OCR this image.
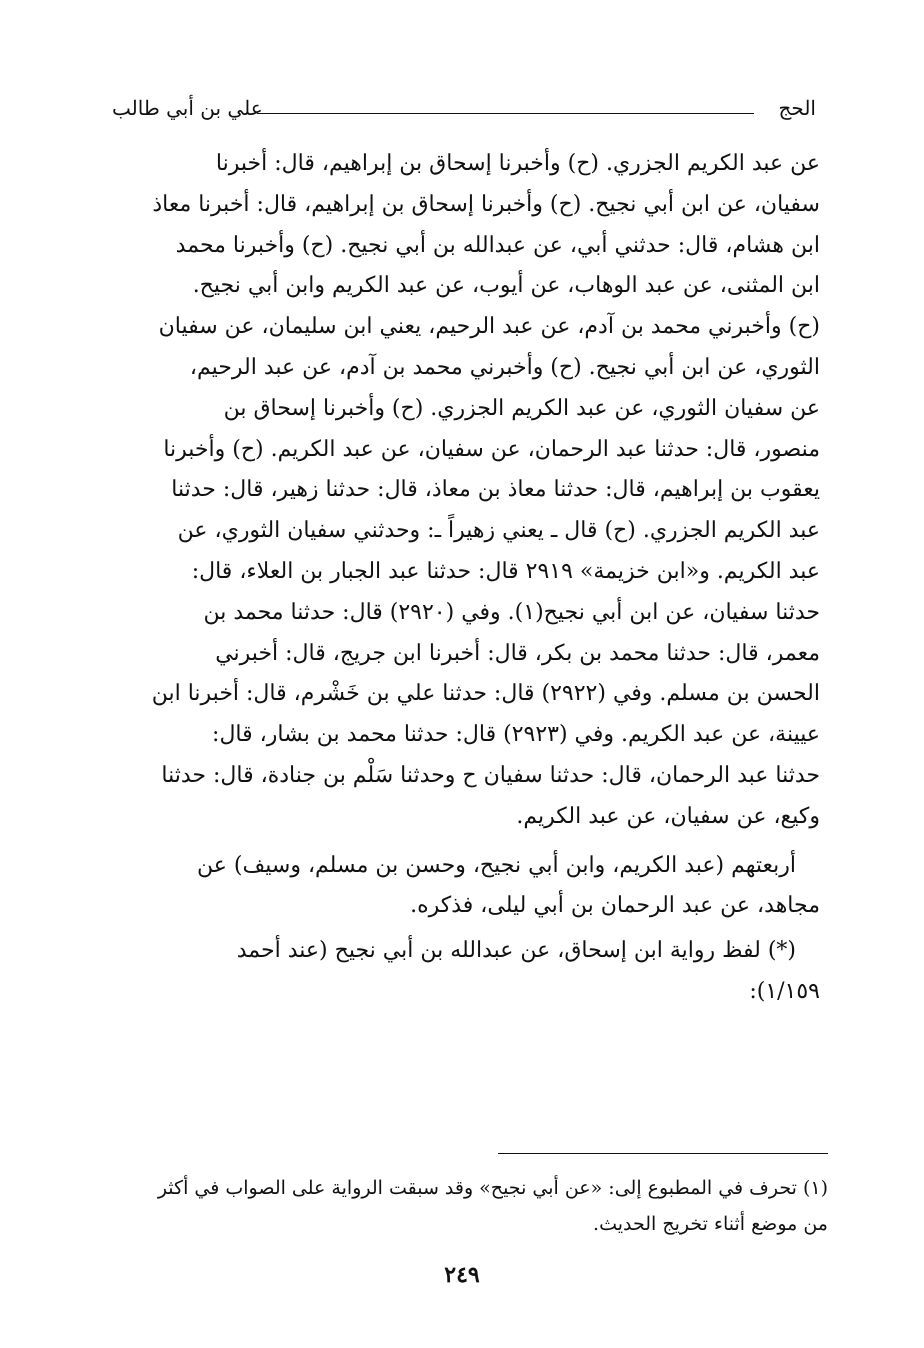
الحج
علي بن أبي طالب

عن عبد الكريم الجزري. (ح) وأخبرنا إسحاق بن إبراهيم، قال: أخبرنا

سفيان، عن ابن أبي نجيح. (ح) وأخبرنا إسحاق بن إبراهيم، قال: أخبرنا معاذ

ابن هشام، قال: حدثني أبي، عن عبدالله بن أبي نجيح. (ح) وأخبرنا محمد

ابن المثنى، عن عبد الوهاب، عن أيوب، عن عبد الكريم وابن أبي نجيح.

(ح) وأخبرني محمد بن آدم، عن عبد الرحيم، يعني ابن سليمان، عن سفيان

الثوري، عن ابن أبي نجيح. (ح) وأخبرني محمد بن آدم، عن عبد الرحيم،

عن سفيان الثوري، عن عبد الكريم الجزري. (ح) وأخبرنا إسحاق بن

منصور، قال: حدثنا عبد الرحمان، عن سفيان، عن عبد الكريم. (ح) وأخبرنا

يعقوب بن إبراهيم، قال: حدثنا معاذ بن معاذ، قال: حدثنا زهير، قال: حدثنا

عبد الكريم الجزري. (ح) قال ـ يعني زهيراً ـ: وحدثني سفيان الثوري، عن

عبد الكريم. و«ابن خزيمة» ٢٩١٩ قال: حدثنا عبد الجبار بن العلاء، قال:

حدثنا سفيان، عن ابن أبي نجيح(١). وفي (٢٩٢٠) قال: حدثنا محمد بن

معمر، قال: حدثنا محمد بن بكر، قال: أخبرنا ابن جريج، قال: أخبرني

الحسن بن مسلم. وفي (٢٩٢٢) قال: حدثنا علي بن خَشْرم، قال: أخبرنا ابن

عيينة، عن عبد الكريم. وفي (٢٩٢٣) قال: حدثنا محمد بن بشار، قال:

حدثنا عبد الرحمان، قال: حدثنا سفيان ح وحدثنا سَلْم بن جنادة، قال: حدثنا

وكيع، عن سفيان، عن عبد الكريم.

أربعتهم (عبد الكريم، وابن أبي نجيح، وحسن بن مسلم، وسيف) عن

مجاهد، عن عبد الرحمان بن أبي ليلى، فذكره.

(*) لفظ رواية ابن إسحاق، عن عبدالله بن أبي نجيح (عند أحمد

١/١٥٩):

(١) تحرف في المطبوع إلى: «عن أبي نجيح» وقد سبقت الرواية على الصواب في أكثر

من موضع أثناء تخريج الحديث.

٢٤٩
